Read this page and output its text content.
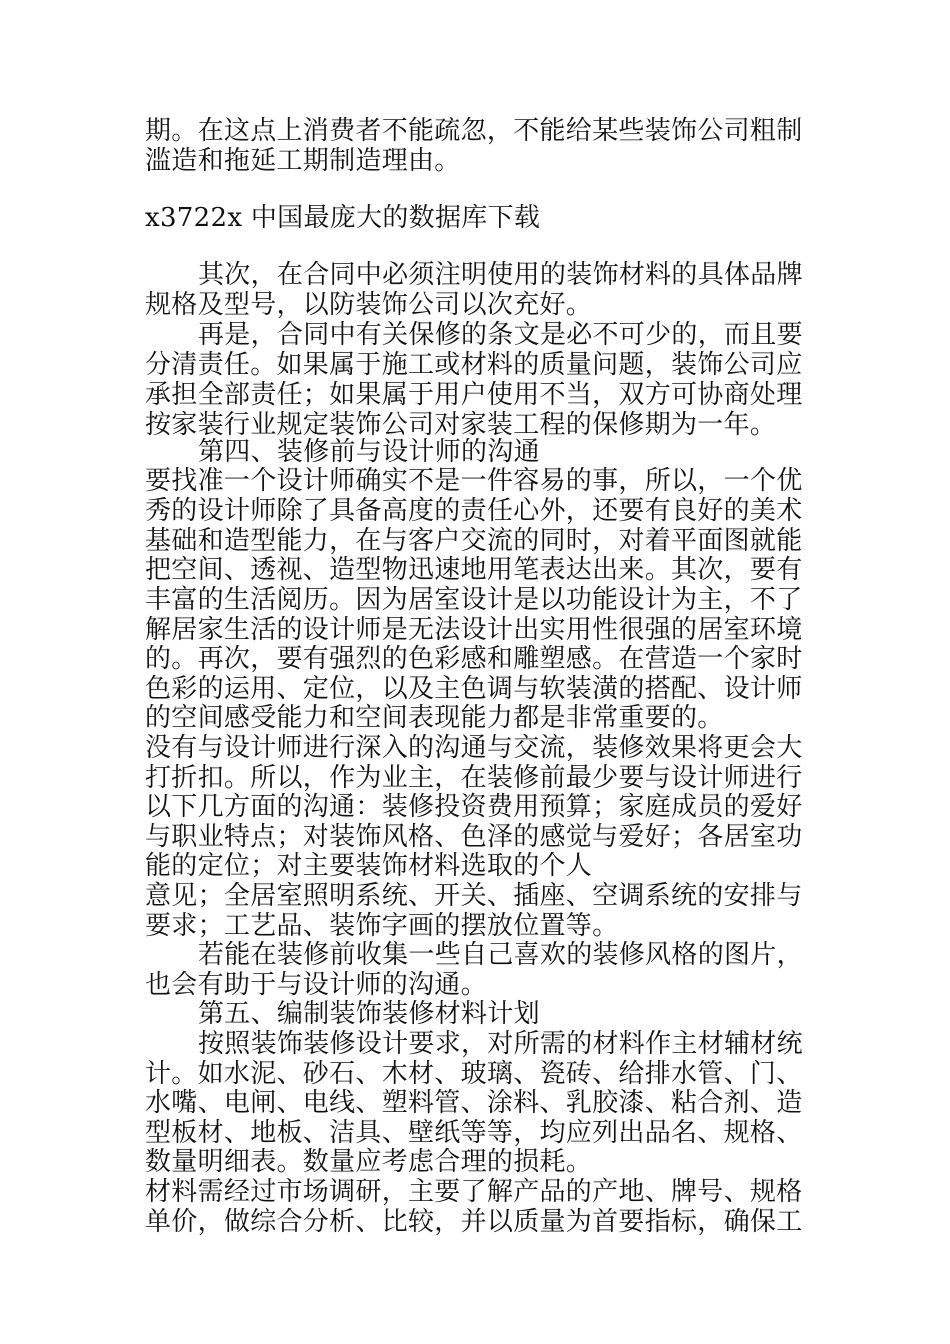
期。在这点上消费者不能疏忽，不能给某些装饰公司粗制
滥造和拖延工期制造理由。
x3722x 中国最庞大的数据库下载
其次，在合同中必须注明使用的装饰材料的具体品牌
规格及型号，以防装饰公司以次充好。
再是，合同中有关保修的条文是必不可少的，而且要
分清责任。如果属于施工或材料的质量问题，装饰公司应
承担全部责任；如果属于用户使用不当，双方可协商处理
按家装行业规定装饰公司对家装工程的保修期为一年。
第四、装修前与设计师的沟通
要找准一个设计师确实不是一件容易的事，所以，一个优
秀的设计师除了具备高度的责任心外，还要有良好的美术
基础和造型能力，在与客户交流的同时，对着平面图就能
把空间、透视、造型物迅速地用笔表达出来。其次，要有
丰富的生活阅历。因为居室设计是以功能设计为主，不了
解居家生活的设计师是无法设计出实用性很强的居室环境
的。再次，要有强烈的色彩感和雕塑感。在营造一个家时
色彩的运用、定位，以及主色调与软装潢的搭配、设计师
的空间感受能力和空间表现能力都是非常重要的。
没有与设计师进行深入的沟通与交流，装修效果将更会大
打折扣。所以，作为业主，在装修前最少要与设计师进行
以下几方面的沟通：装修投资费用预算；家庭成员的爱好
与职业特点；对装饰风格、色泽的感觉与爱好；各居室功
能的定位；对主要装饰材料选取的个人
意见；全居室照明系统、开关、插座、空调系统的安排与
要求；工艺品、装饰字画的摆放位置等。
若能在装修前收集一些自己喜欢的装修风格的图片，
也会有助于与设计师的沟通。
第五、编制装饰装修材料计划
按照装饰装修设计要求，对所需的材料作主材辅材统
计。如水泥、砂石、木材、玻璃、瓷砖、给排水管、门、
水嘴、电闸、电线、塑料管、涂料、乳胶漆、粘合剂、造
型板材、地板、洁具、壁纸等等，均应列出品名、规格、
数量明细表。数量应考虑合理的损耗。
材料需经过市场调研，主要了解产品的产地、牌号、规格
单价，做综合分析、比较，并以质量为首要指标，确保工
